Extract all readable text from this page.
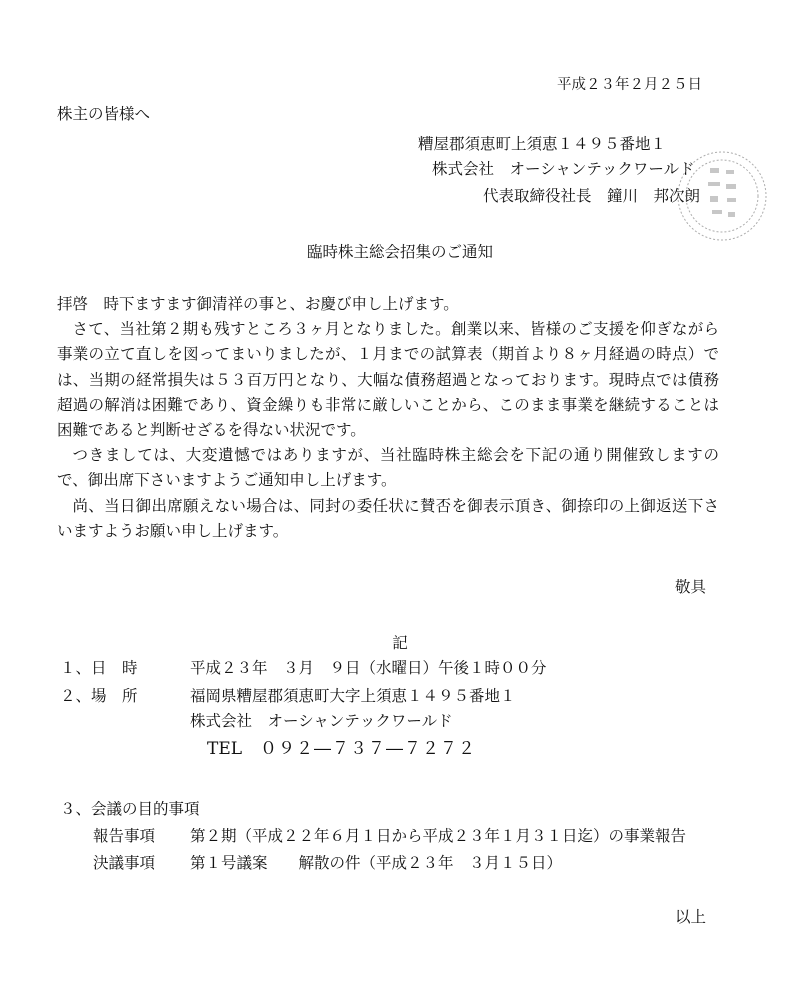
平成２３年２月２５日
株主の皆様へ
糟屋郡須恵町上須恵１４９５番地１
株式会社　オーシャンテックワールド
代表取締役社長　鐘川　邦次朗
臨時株主総会招集のご通知

拝啓　時下ますます御清祥の事と、お慶び申し上げます。

さて、当社第２期も残すところ３ヶ月となりました。創業以来、皆様のご支援を仰ぎながら事業の立て直しを図ってまいりましたが、１月までの試算表（期首より８ヶ月経過の時点）では、当期の経常損失は５３百万円となり、大幅な債務超過となっております。現時点では債務超過の解消は困難であり、資金繰りも非常に厳しいことから、このまま事業を継続することは困難であると判断せざるを得ない状況です。

つきましては、大変遺憾ではありますが、当社臨時株主総会を下記の通り開催致しますので、御出席下さいますようご通知申し上げます。

尚、当日御出席願えない場合は、同封の委任状に賛否を御表示頂き、御捺印の上御返送下さいますようお願い申し上げます。

敬具
記
１、日　時	平成２３年　３月　９日（水曜日）午後１時００分
２、場　所	福岡県糟屋郡須恵町大字上須恵１４９５番地１
株式会社　オーシャンテックワールド
TEL ０９２―７３７―７２７２
３、会議の目的事項
報告事項 第２期（平成２２年６月１日から平成２３年１月３１日迄）の事業報告
決議事項 第１号議案　　解散の件（平成２３年　３月１５日）
以上
